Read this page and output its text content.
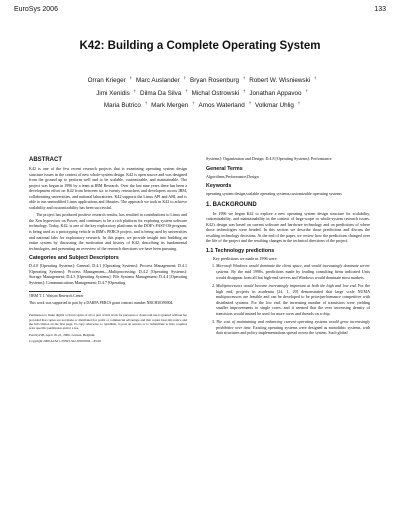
EuroSys 2006	133
K42: Building a Complete Operating System
Orran Krieger † Marc Auslander † Bryan Rosenburg † Robert W. Wisniewski †
Jimi Xenidis † Dilma Da Silva † Michal Ostrowski † Jonathan Appavoo †
Maria Butrico † Mark Mergen † Amos Waterland † Volkmar Uhlig †
ABSTRACT

K42 is one of the few recent research projects that is examining operating system design structure issues in the context of new whole-system design. K42 is open source and was designed from the ground up to perform well and to be scalable, customizable, and maintainable. The project was begun in 1996 by a team at IBM Research. Over the last nine years there has been a development effort on K42 from between six to twenty researchers and developers across IBM, collaborating universities, and national laboratories. K42 supports the Linux API and ABI, and is able to run unmodified Linux applications and libraries. The approach we took in K42 to achieve scalability and customizability has been successful.

The project has produced positive research results, has resulted in contributions to Linux and the Xen hypervisor on Power, and continues to be a rich platform for exploring system software technology. Today, K42, is one of the key exploratory platforms in the DOE's FAST-OS program, is being used as a prototyping vehicle in IBM's PERCS project, and is being used by universities and national labs for exploratory research. In this paper, we provide insight into building an entire system by discussing the motivation and history of K42, describing its fundamental technologies, and presenting an overview of the research directions we have been pursuing.

Categories and Subject Descriptors

D.4.0 [Operating Systems]: General; D.4.1 [Operating Systems]: Process Management; D.4.1 [Operating Systems]: Process Management—Multiprocessing; D.4.2 [Operating Systems]: Storage Management; D.4.3 [Operating Systems]: File Systems Management; D.4.4 [Operating Systems]: Communications Management; D.4.7 [Operating

†IBM T. J. Watson Research Center

This work was supported in part by a DARPA PERCS grant contract number NBCH30390004.

Permission to make digital or hard copies of all or part of this work for personal or classroom use is granted without fee provided that copies are not made or distributed for profit or commercial advantage and that copies bear this notice and the full citation on the first page. To copy otherwise, to republish, to post on servers or to redistribute to lists, requires prior specific permission and/or a fee.

EuroSys'06, April 18–21, 2006, Leuven, Belgium.

Copyright 2006 ACM 1-59593-322-0/06/0004 ...$5.00.

Systems]: Organization and Design; D.4.8 [Operating Systems]: Performance

General Terms

Algorithms,Performance,Design

Keywords

operating system design,scalable operating systems,customizable operating systems

1. BACKGROUND

In 1996 we began K42 to explore a new operating system design structure for scalability, customizability, and maintainability in the context of large-scope or whole-system research issues. K42's design was based on current software and hardware technology and on predictions of where those technologies were headed. In this section we describe those predictions and discuss the resulting technology decisions. At the end of the paper, we review how the predictions changed over the life of the project and the resulting changes in the technical directions of the project.

1.1 Technology predictions

Key predictions we made in 1996 were:

1. Microsoft Windows would dominate the client space, and would increasingly dominate server systems. By the mid 1990s, predictions made by leading consulting firms indicated Unix would disappear from all but high-end servers and Windows would dominate most markets.
2. Multiprocessors would become increasingly important at both the high and low end. For the high end, projects in academia [24, 1, 20] demonstrated that large scale NUMA multiprocessors are feasible and can be developed to be price/performance competitive with distributed systems. For the low end, the increasing number of transistors were yielding smaller improvements to single cores, and it seemed that the ever increasing density of transistors would instead be used for more cores and threads on a chip.
3. The cost of maintaining and enhancing current operating systems would grow increasingly prohibitive over time. Existing operating systems were designed as monolithic systems, with data structures and policy implementations spread across the system. Such global
